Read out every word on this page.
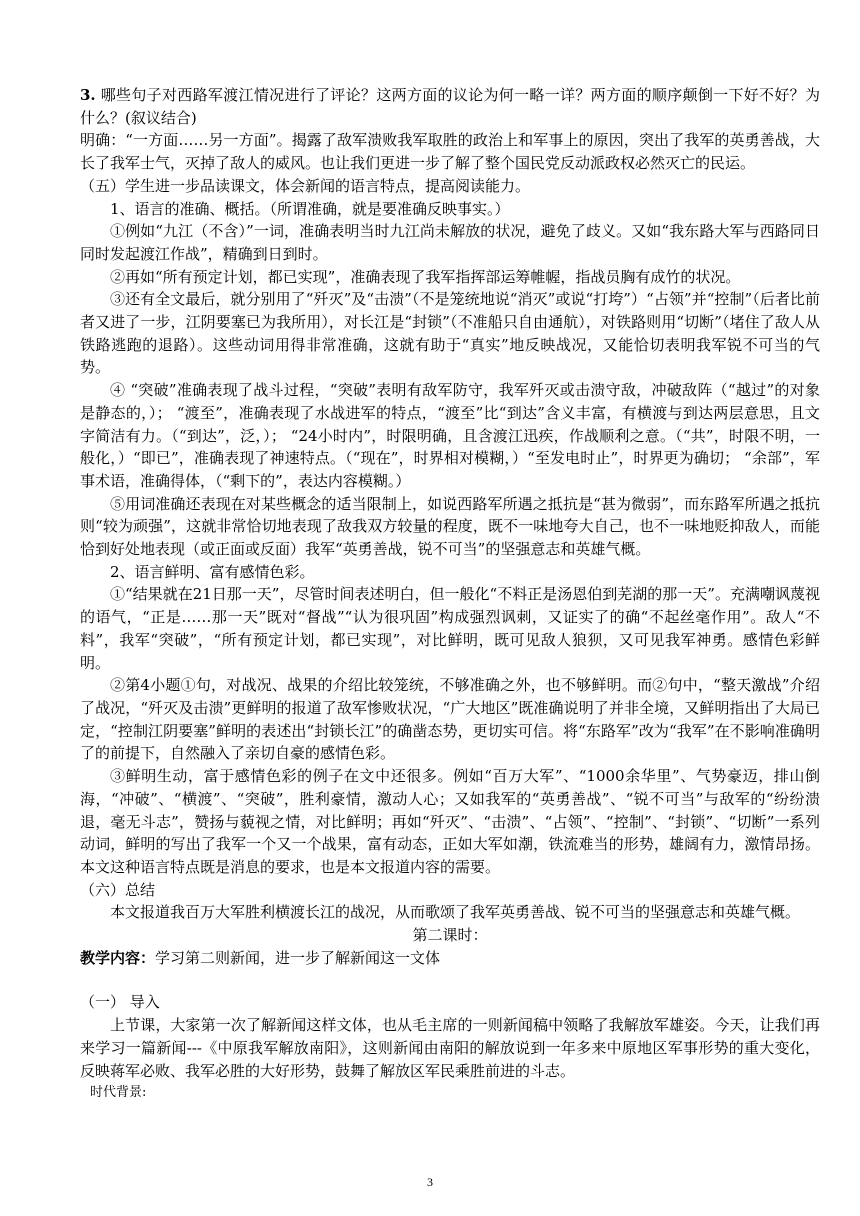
3. 哪些句子对西路军渡江情况进行了评论？这两方面的议论为何一略一详？两方面的顺序颠倒一下好不好？为什么？(叙议结合)

明确：“一方面……另一方面”。揭露了敌军溃败我军取胜的政治上和军事上的原因，突出了我军的英勇善战，大长了我军士气，灭掉了敌人的威风。也让我们更进一步了解了整个国民党反动派政权必然灭亡的民运。

（五）学生进一步品读课文，体会新闻的语言特点，提高阅读能力。

1、语言的准确、概括。（所谓准确，就是要准确反映事实。）

①例如“九江（不含）”一词，准确表明当时九江尚未解放的状况，避免了歧义。又如“我东路大军与西路同日同时发起渡江作战”，精确到日到时。

②再如“所有预定计划，都已实现”，准确表现了我军指挥部运筹帷幄，指战员胸有成竹的状况。

③还有全文最后，就分别用了“歼灭”及“击溃”（不是笼统地说“消灭”或说“打垮”）“占领”并“控制”（后者比前者又进了一步，江阴要塞已为我所用），对长江是“封锁”（不准船只自由通航），对铁路则用“切断”（堵住了敌人从铁路逃跑的退路）。这些动词用得非常准确，这就有助于“真实”地反映战况，又能恰切表明我军锐不可当的气势。

④ “突破”准确表现了战斗过程，“突破”表明有敌军防守，我军歼灭或击溃守敌，冲破敌阵（“越过”的对象是静态的，）； “渡至”，准确表现了水战进军的特点，“渡至”比“到达”含义丰富，有横渡与到达两层意思，且文字简洁有力。（“到达”，泛，）； “24小时内”，时限明确，且含渡江迅疾，作战顺利之意。（“共”，时限不明，一般化，）“即已”，准确表现了神速特点。（“现在”，时界相对模糊，）“至发电时止”，时界更为确切； “余部”，军事术语，准确得体，（“剩下的”，表达内容模糊。）

⑤用词准确还表现在对某些概念的适当限制上，如说西路军所遇之抵抗是“甚为微弱”，而东路军所遇之抵抗则“较为顽强”，这就非常恰切地表现了敌我双方较量的程度，既不一味地夸大自己，也不一味地贬抑敌人，而能恰到好处地表现（或正面或反面）我军“英勇善战，锐不可当”的坚强意志和英雄气概。

2、语言鲜明、富有感情色彩。

①“结果就在21日那一天”，尽管时间表述明白，但一般化“不料正是汤恩伯到芜湖的那一天”。充满嘲讽蔑视的语气，“正是……那一天”既对“督战”“认为很巩固”构成强烈讽刺，又证实了的确“不起丝毫作用”。敌人“不料”，我军“突破”，“所有预定计划，都已实现”，对比鲜明，既可见敌人狼狈，又可见我军神勇。感情色彩鲜明。

②第4小题①句，对战况、战果的介绍比较笼统，不够准确之外，也不够鲜明。而②句中，“整天激战”介绍了战况，“歼灭及击溃”更鲜明的报道了敌军惨败状况，“广大地区”既准确说明了并非全境，又鲜明指出了大局已定，“控制江阴要塞”鲜明的表述出“封锁长江”的确凿态势，更切实可信。将“东路军”改为“我军”在不影响准确明了的前提下，自然融入了亲切自豪的感情色彩。

③鲜明生动，富于感情色彩的例子在文中还很多。例如“百万大军”、“1000余华里”、气势豪迈，排山倒海，“冲破”、“横渡”、“突破”，胜利豪情，激动人心；又如我军的“英勇善战”、“锐不可当”与敌军的“纷纷溃退，毫无斗志”，赞扬与藐视之情，对比鲜明；再如“歼灭”、“击溃”、“占领”、“控制”、“封锁”、“切断”一系列动词，鲜明的写出了我军一个又一个战果，富有动态，正如大军如潮，铁流难当的形势，雄阔有力，激情昂扬。本文这种语言特点既是消息的要求，也是本文报道内容的需要。

（六）总结

本文报道我百万大军胜利横渡长江的战况，从而歌颂了我军英勇善战、锐不可当的坚强意志和英雄气概。

第二课时：

教学内容：学习第二则新闻，进一步了解新闻这一文体

（一） 导入

上节课，大家第一次了解新闻这样文体，也从毛主席的一则新闻稿中领略了我解放军雄姿。今天，让我们再来学习一篇新闻---《中原我军解放南阳》，这则新闻由南阳的解放说到一年多来中原地区军事形势的重大变化，反映蒋军必败、我军必胜的大好形势，鼓舞了解放区军民乘胜前进的斗志。

时代背景:

3
